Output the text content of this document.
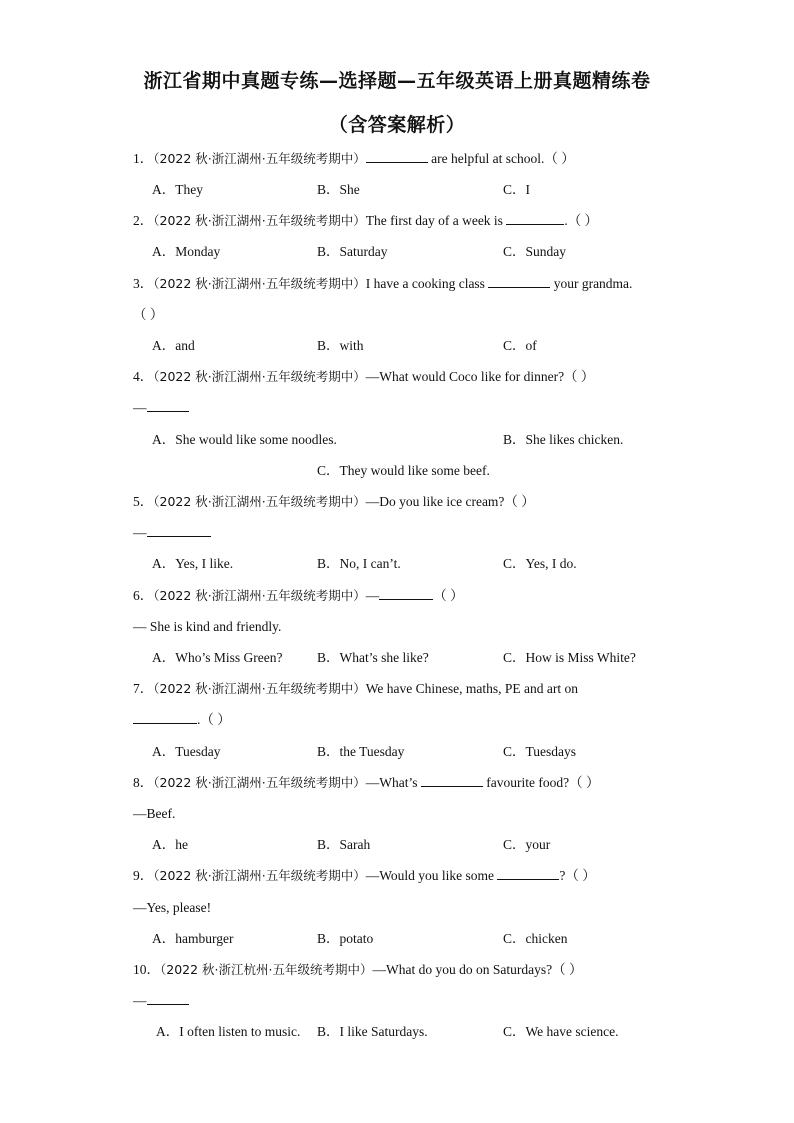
浙江省期中真题专练—选择题—五年级英语上册真题精练卷
（含答案解析）
1．（2022 秋·浙江湖州·五年级统考期中）	are helpful at school.（ ）
A．They	B．She	C．I
2．（2022 秋·浙江湖州·五年级统考期中）The first day of a week is	.（ ）
A．Monday	B．Saturday	C．Sunday
3．（2022 秋·浙江湖州·五年级统考期中）I have a cooking class	your grandma.
（ ）
A．and	B．with	C．of
4．（2022 秋·浙江湖州·五年级统考期中）—What would Coco like for dinner?（ ）
—
A．She would like some noodles.	B．She likes chicken.
C．They would like some beef.
5．（2022 秋·浙江湖州·五年级统考期中）—Do you like ice cream?（ ）
—
A．Yes, I like.	B．No, I can’t.	C．Yes, I do.
6．（2022 秋·浙江湖州·五年级统考期中）—	（ ）
— She is kind and friendly.
A．Who’s Miss Green?	B．What’s she like?	C．How is Miss White?
7．（2022 秋·浙江湖州·五年级统考期中）We have Chinese, maths, PE and art on
.（ ）
A．Tuesday	B．the Tuesday	C．Tuesdays
8．（2022 秋·浙江湖州·五年级统考期中）—What’s	favourite food?（ ）
—Beef.
A．he	B．Sarah	C．your
9．（2022 秋·浙江湖州·五年级统考期中）—Would you like some	?（ ）
—Yes, please!
A．hamburger	B．potato	C．chicken
10．（2022 秋·浙江杭州·五年级统考期中）—What do you do on Saturdays?（ ）
—
A．I often listen to music. B．I like Saturdays.	C．We have science.
